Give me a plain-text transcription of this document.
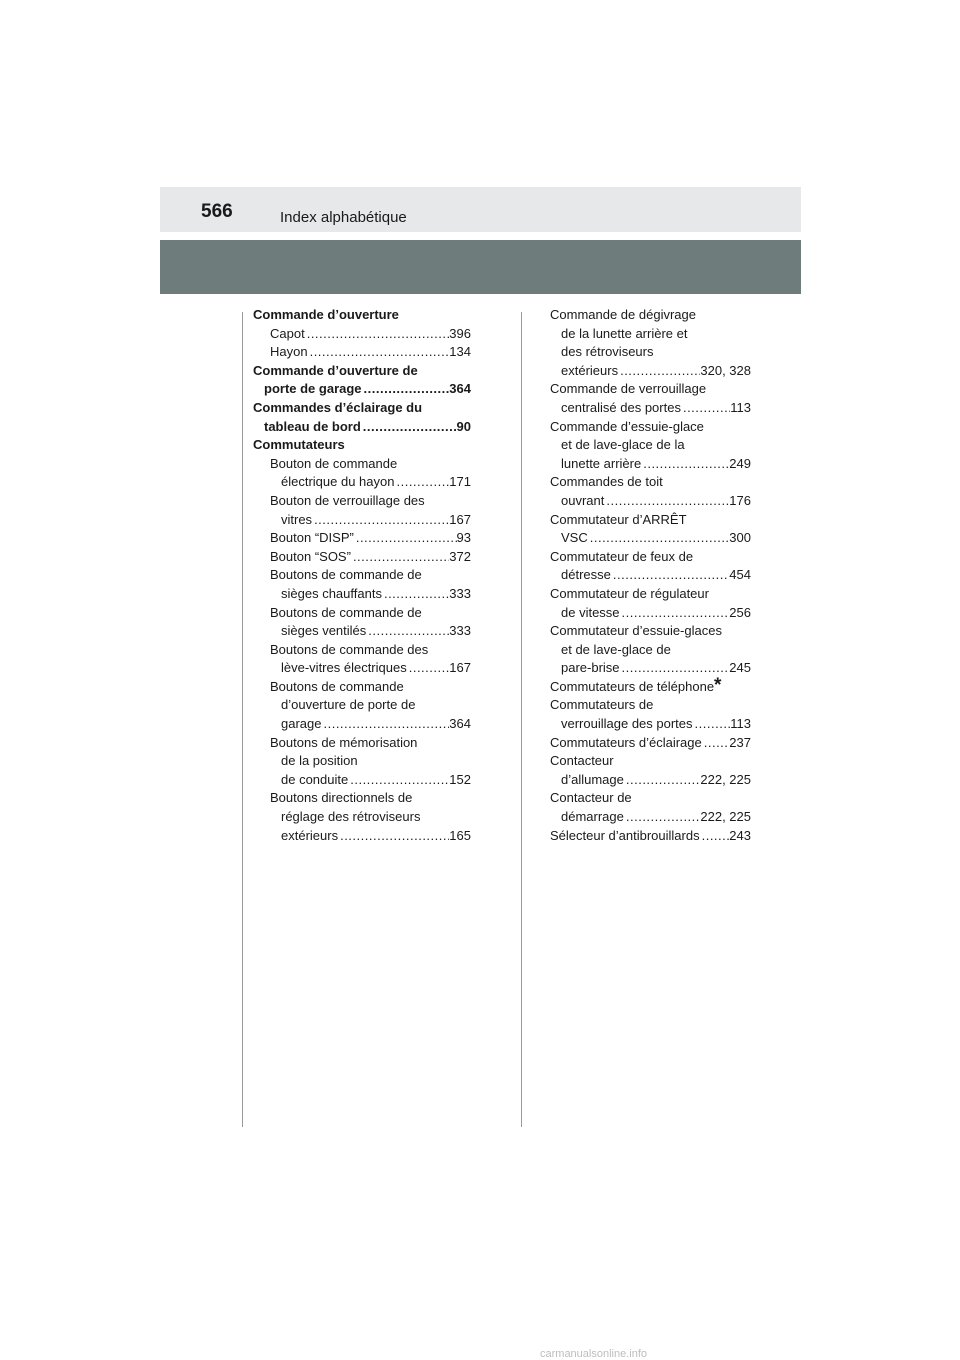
566	Index alphabétique
Commande d’ouverture
Capot .....	396
Hayon .....	134
Commande d’ouverture de
porte de garage .....	364
Commandes d’éclairage du
tableau de bord .....	90
Commutateurs
Bouton de commande
électrique du hayon .....	171
Bouton de verrouillage des
vitres .....	167
Bouton “DISP” .....	93
Bouton “SOS” .....	372
Boutons de commande de
sièges chauffants .....	333
Boutons de commande de
sièges ventilés .....	333
Boutons de commande des
lève-vitres électriques .....	167
Boutons de commande
d’ouverture de porte de
garage .....	364
Boutons de mémorisation
de la position
de conduite .....	152
Boutons directionnels de
réglage des rétroviseurs
extérieurs .....	165
Commande de dégivrage
de la lunette arrière et
des rétroviseurs
extérieurs .....	320, 328
Commande de verrouillage
centralisé des portes .....	113
Commande d’essuie-glace
et de lave-glace de la
lunette arrière .....	249
Commandes de toit
ouvrant .....	176
Commutateur d’ARRÊT
VSC .....	300
Commutateur de feux de
détresse .....	454
Commutateur de régulateur
de vitesse .....	256
Commutateur d’essuie-glaces
et de lave-glace de
pare-brise .....	245
Commutateurs de téléphone *
Commutateurs de
verrouillage des portes .....	113
Commutateurs d’éclairage ..... 237
Contacteur
d’allumage .....	222, 225
Contacteur de
démarrage .....	222, 225
Sélecteur d’antibrouillards ..... 243
carmanualsonline.info
